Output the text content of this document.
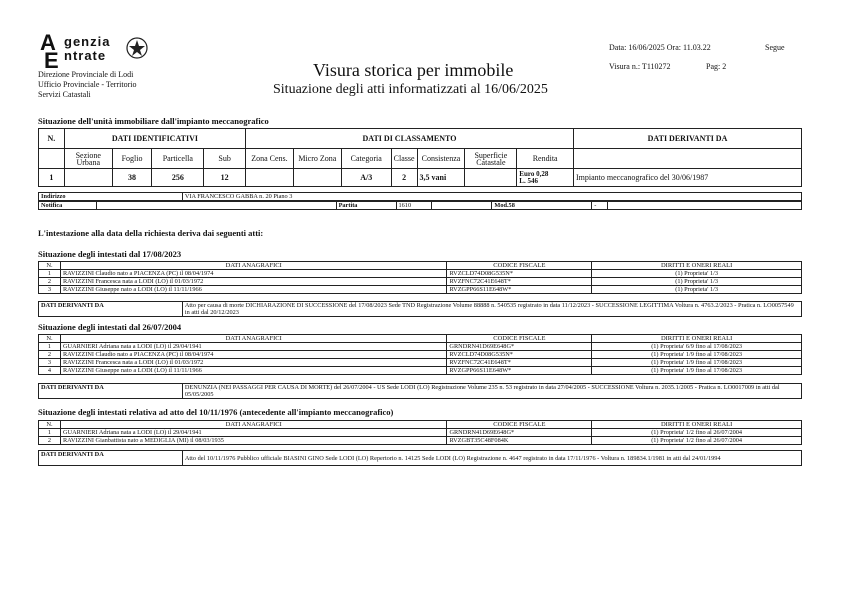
A
E
genzia
ntrate
Direzione Provinciale di Lodi
Ufficio Provinciale - Territorio
Servizi Catastali
Visura storica per immobile
Situazione degli atti informatizzati al 16/06/2025
Data: 16/06/2025 Ora: 11.03.22	Segue
Visura n.: T110272	Pag: 2
Situazione dell'unità immobiliare dall'impianto meccanografico
N.	DATI IDENTIFICATIVI				DATI DI CLASSAMENTO							DATI DERIVANTI DA
	Sezione Urbana	Foglio	Particella	Sub	Zona Cens.	Micro Zona	Categoria	Classe	Consistenza	Superficie Catastale	Rendita	
1		38	256	12			A/3	2	3,5 vani		Euro 0,28
L. 546	Impianto meccanografico del 30/06/1987
Indirizzo	VIA FRANCESCO GABBA n. 20 Piano 3
Notifica		Partita	1610		Mod.58	-	
L'intestazione alla data della richiesta deriva dai seguenti atti:
Situazione degli intestati dal 17/08/2023
N.	DATI ANAGRAFICI	CODICE FISCALE	DIRITTI E ONERI REALI
1	RAVIZZINI Claudio nato a PIACENZA (PC) il 08/04/1974	RVZCLD74D08G535N*	(1) Proprieta' 1/3
2	RAVIZZINI Francesca nata a LODI (LO) il 01/03/1972	RVZFNC72C41E648T*	(1) Proprieta' 1/3
3	RAVIZZINI Giuseppe nato a LODI (LO) il 11/11/1966	RVZGPP66S11E648W*	(1) Proprieta' 1/3
DATI DERIVANTI DA	Atto per causa di morte DICHIARAZIONE DI SUCCESSIONE del 17/08/2023 Sede TND Registrazione Volume 88888 n. 540535 registrato in data 11/12/2023 - SUCCESSIONE LEGITTIMA Voltura n. 4763.2/2023 - Pratica n. LO0057549 in atti dal 20/12/2023
Situazione degli intestati dal 26/07/2004
N.	DATI ANAGRAFICI	CODICE FISCALE	DIRITTI E ONERI REALI
1	GUARNIERI Adriana nata a LODI (LO) il 29/04/1941	GRNDRN41D69E648G*	(1) Proprieta' 6/9 fino al 17/08/2023
2	RAVIZZINI Claudio nato a PIACENZA (PC) il 08/04/1974	RVZCLD74D08G535N*	(1) Proprieta' 1/9 fino al 17/08/2023
3	RAVIZZINI Francesca nata a LODI (LO) il 01/03/1972	RVZFNC72C41E648T*	(1) Proprieta' 1/9 fino al 17/08/2023
4	RAVIZZINI Giuseppe nato a LODI (LO) il 11/11/1966	RVZGPP66S11E648W*	(1) Proprieta' 1/9 fino al 17/08/2023
DATI DERIVANTI DA	DENUNZIA (NEI PASSAGGI PER CAUSA DI MORTE) del 26/07/2004 - US Sede LODI (LO) Registrazione Volume 235 n. 53 registrato in data 27/04/2005 - SUCCESSIONE Voltura n. 2035.1/2005 - Pratica n. LO0017009 in atti dal 05/05/2005
Situazione degli intestati relativa ad atto del 10/11/1976 (antecedente all'impianto meccanografico)
N.	DATI ANAGRAFICI	CODICE FISCALE	DIRITTI E ONERI REALI
1	GUARNIERI Adriana nata a LODI (LO) il 29/04/1941	GRNDRN41D69E648G*	(1) Proprieta' 1/2 fino al 26/07/2004
2	RAVIZZINI Gianbattista nato a MEDIGLIA (MI) il 08/03/1935	RVZGBT35C48F084K	(1) Proprieta' 1/2 fino al 26/07/2004
DATI DERIVANTI DA	Atto del 10/11/1976 Pubblico ufficiale BIASINI GINO Sede LODI (LO) Repertorio n. 14125 Sede LODI (LO) Registrazione n. 4647 registrato in data 17/11/1976 - Voltura n. 189834.1/1981 in atti dal 24/01/1994
